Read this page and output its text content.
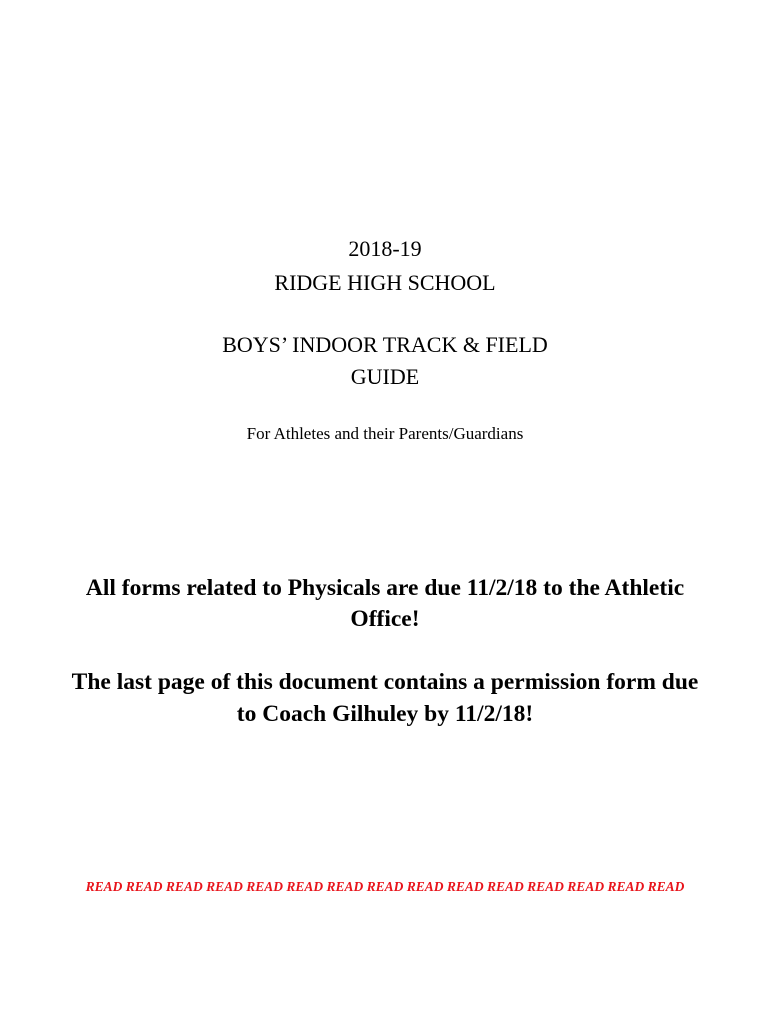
2018-19
RIDGE HIGH SCHOOL
BOYS’ INDOOR TRACK & FIELD
GUIDE
For Athletes and their Parents/Guardians
All forms related to Physicals are due 11/2/18 to the Athletic
Office!
The last page of this document contains a permission form due
to Coach Gilhuley by 11/2/18!
READ READ READ READ READ READ READ READ READ READ READ READ READ READ READ
